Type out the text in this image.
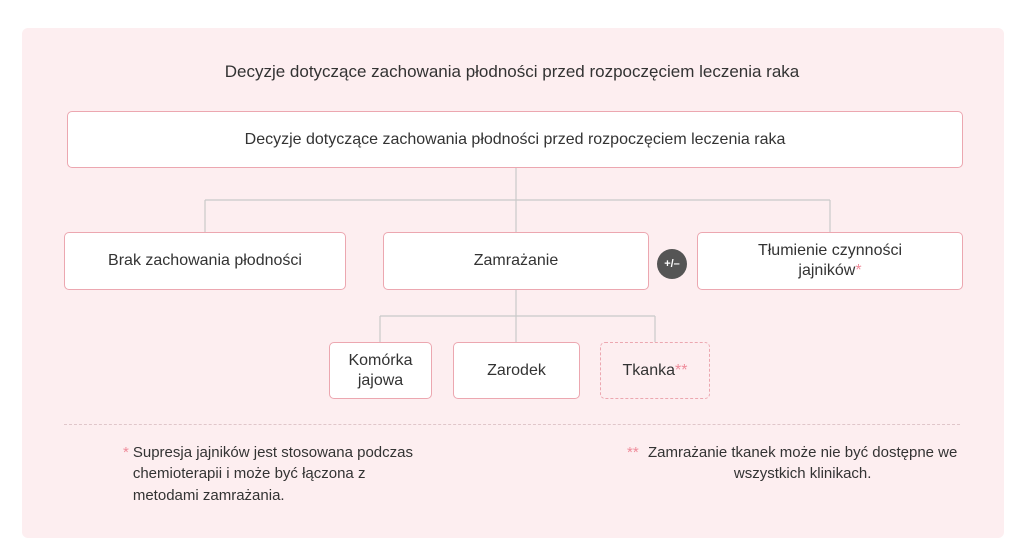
Decyzje dotyczące zachowania płodności przed rozpoczęciem leczenia raka
Decyzje dotyczące zachowania płodności przed rozpoczęciem leczenia raka
Brak zachowania płodności	Zamrażanie	+/–
Tłumienie czynności jajników*
Komórka jajowa
Zarodek	Tkanka**
* Supresja jajników jest stosowana podczas chemioterapii i może być łączona z metodami zamrażania.
** Zamrażanie tkanek może nie być dostępne we wszystkich klinikach.
